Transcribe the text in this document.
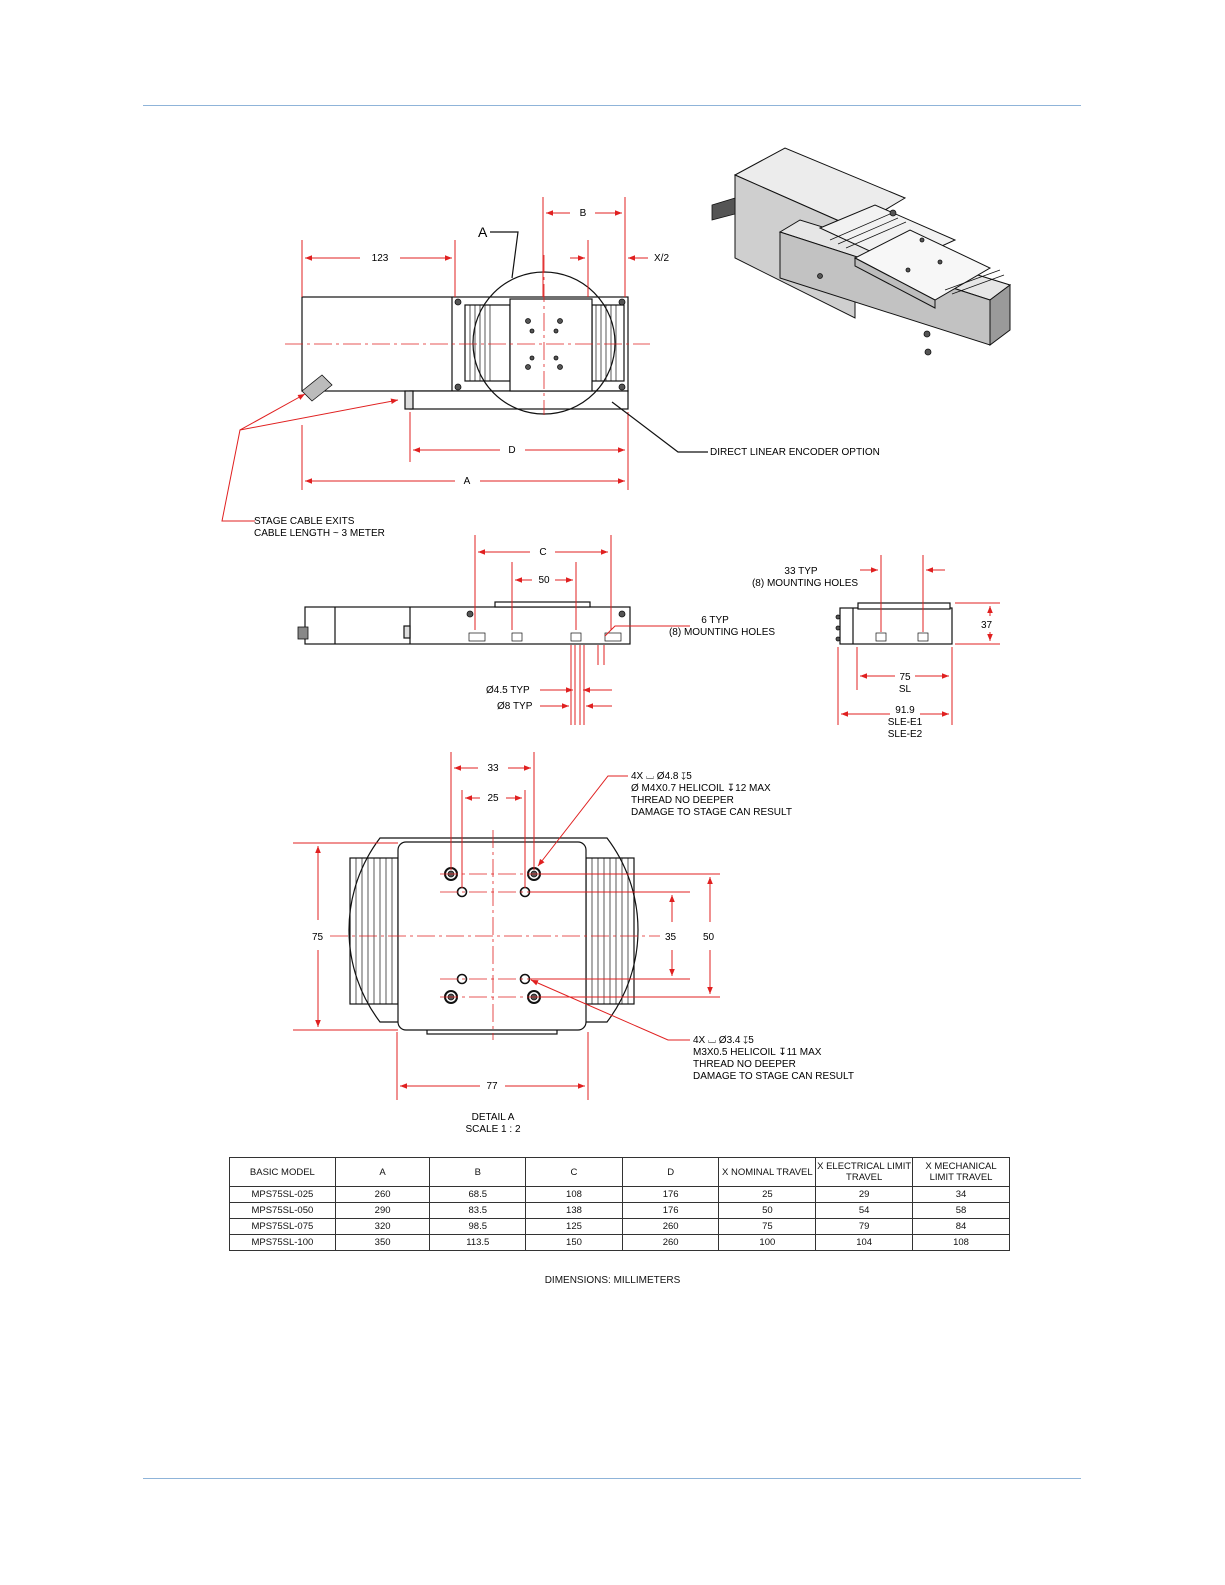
123
B
X/2
D
A
A
STAGE CABLE EXITS
CABLE LENGTH ~ 3 METER
DIRECT LINEAR ENCODER OPTION
C
50
Ø4.5 TYP
Ø8 TYP
6 TYP
(8) MOUNTING HOLES
33 TYP
(8) MOUNTING HOLES
37
75
SL
91.9
SLE-E1
SLE-E2
33
25
75	35	50
77
4X ⌴ Ø4.8 ↧5
Ø M4X0.7 HELICOIL ↧12 MAX
THREAD NO DEEPER
DAMAGE TO STAGE CAN RESULT
4X ⌴ Ø3.4 ↧5
M3X0.5 HELICOIL ↧11 MAX
THREAD NO DEEPER
DAMAGE TO STAGE CAN RESULT
DETAIL A
SCALE 1 : 2
BASIC MODEL	A	B	C	D	X NOMINAL TRAVEL	X ELECTRICAL LIMIT TRAVEL	X MECHANICAL LIMIT TRAVEL
MPS75SL-025	260	68.5	108	176	25	29	34
MPS75SL-050	290	83.5	138	176	50	54	58
MPS75SL-075	320	98.5	125	260	75	79	84
MPS75SL-100	350	113.5	150	260	100	104	108
DIMENSIONS: MILLIMETERS
